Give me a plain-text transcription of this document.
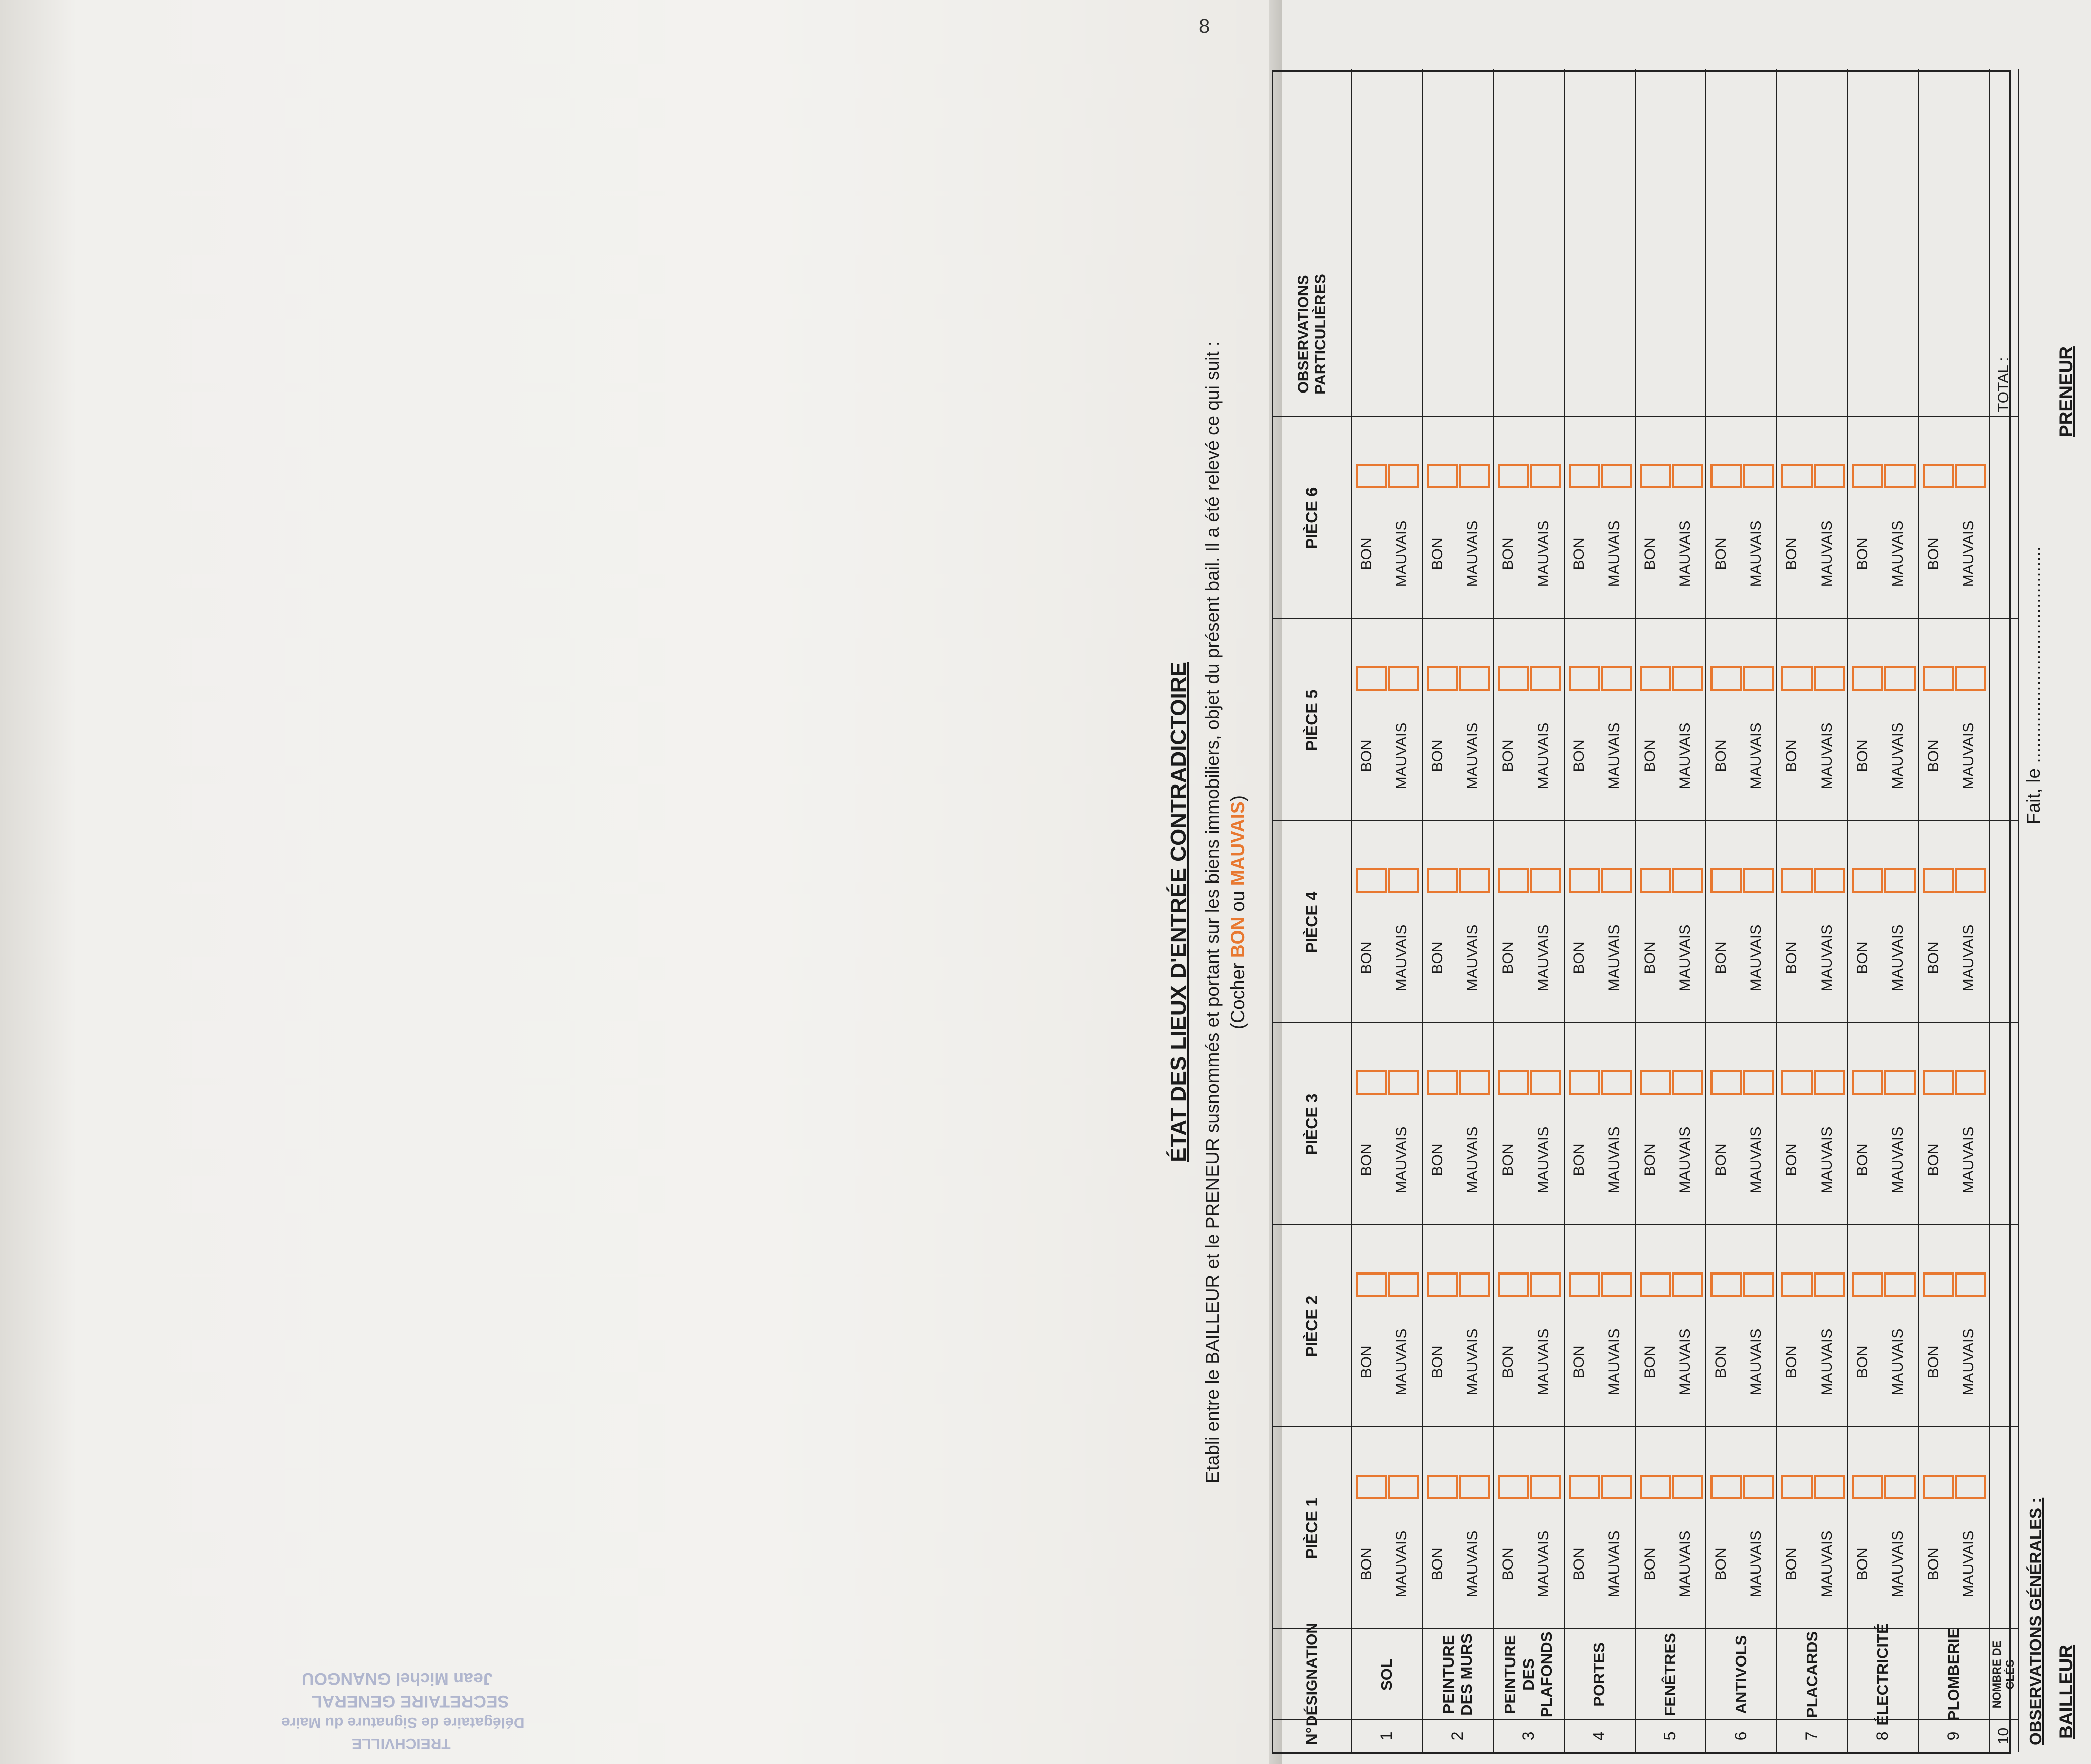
8
Jean Michel GNANGOU
SECRETAIRE GENERAL
Délégataire de Signature du Maire
TREICHVILLE
ÉTAT DES LIEUX D'ENTRÉE CONTRADICTOIRE Etabli entre le BAILLEUR et le PRENEUR susnommés et portant sur les biens immobiliers, objet du présent bail. Il a été relevé ce qui suit : (Cocher BON ou MAUVAIS)
N°
DÉSIGNATION
PIÈCE 1
PIÈCE 2
PIÈCE 3
PIÈCE 4
PIÈCE 5
PIÈCE 6
OBSERVATIONS PARTICULIÈRES
1
SOL
BON MAUVAIS
BON MAUVAIS
BON MAUVAIS
BON MAUVAIS
BON MAUVAIS
BON MAUVAIS
2
PEINTURE DES MURS
BON MAUVAIS
BON MAUVAIS
BON MAUVAIS
BON MAUVAIS
BON MAUVAIS
BON MAUVAIS
3
PEINTURE DES PLAFONDS
BON MAUVAIS
BON MAUVAIS
BON MAUVAIS
BON MAUVAIS
BON MAUVAIS
BON MAUVAIS
4
PORTES
BON MAUVAIS
BON MAUVAIS
BON MAUVAIS
BON MAUVAIS
BON MAUVAIS
BON MAUVAIS
5
FENÊTRES
BON MAUVAIS
BON MAUVAIS
BON MAUVAIS
BON MAUVAIS
BON MAUVAIS
BON MAUVAIS
6
ANTIVOLS
BON MAUVAIS
BON MAUVAIS
BON MAUVAIS
BON MAUVAIS
BON MAUVAIS
BON MAUVAIS
7
PLACARDS
BON MAUVAIS
BON MAUVAIS
BON MAUVAIS
BON MAUVAIS
BON MAUVAIS
BON MAUVAIS
8
ÉLECTRICITÉ
BON MAUVAIS
BON MAUVAIS
BON MAUVAIS
BON MAUVAIS
BON MAUVAIS
BON MAUVAIS
9
PLOMBERIE
BON MAUVAIS
BON MAUVAIS
BON MAUVAIS
BON MAUVAIS
BON MAUVAIS
BON MAUVAIS
10
NOMBRE DE CLÉS
TOTAL :
OBSERVATIONS GÉNÉRALES :
Fait, le ..........................................
BAILLEUR
PRENEUR
